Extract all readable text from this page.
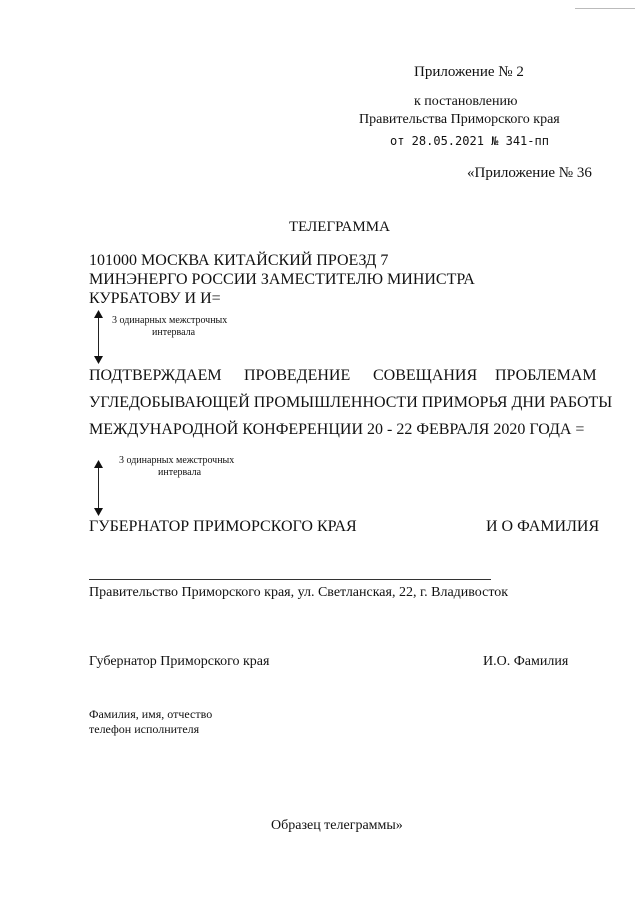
Приложение № 2
к постановлению
Правительства Приморского края
от 28.05.2021 № 341-пп
«Приложение № 36
ТЕЛЕГРАММА
101000 МОСКВА КИТАЙСКИЙ ПРОЕЗД 7
МИНЭНЕРГО РОССИИ ЗАМЕСТИТЕЛЮ МИНИСТРА
КУРБАТОВУ И И=
3 одинарных межстрочных
интервала
ПОДТВЕРЖДАЕМ ПРОВЕДЕНИЕ СОВЕЩАНИЯ ПРОБЛЕМАМ
УГЛЕДОБЫВАЮЩЕЙ ПРОМЫШЛЕННОСТИ ПРИМОРЬЯ ДНИ РАБОТЫ
МЕЖДУНАРОДНОЙ КОНФЕРЕНЦИИ 20 - 22 ФЕВРАЛЯ 2020 ГОДА =
3 одинарных межстрочных
интервала
ГУБЕРНАТОР ПРИМОРСКОГО КРАЯ	И О ФАМИЛИЯ
Правительство Приморского края, ул. Светланская, 22, г. Владивосток
Губернатор Приморского края	И.О. Фамилия
Фамилия, имя, отчество
телефон исполнителя
Образец телеграммы»
